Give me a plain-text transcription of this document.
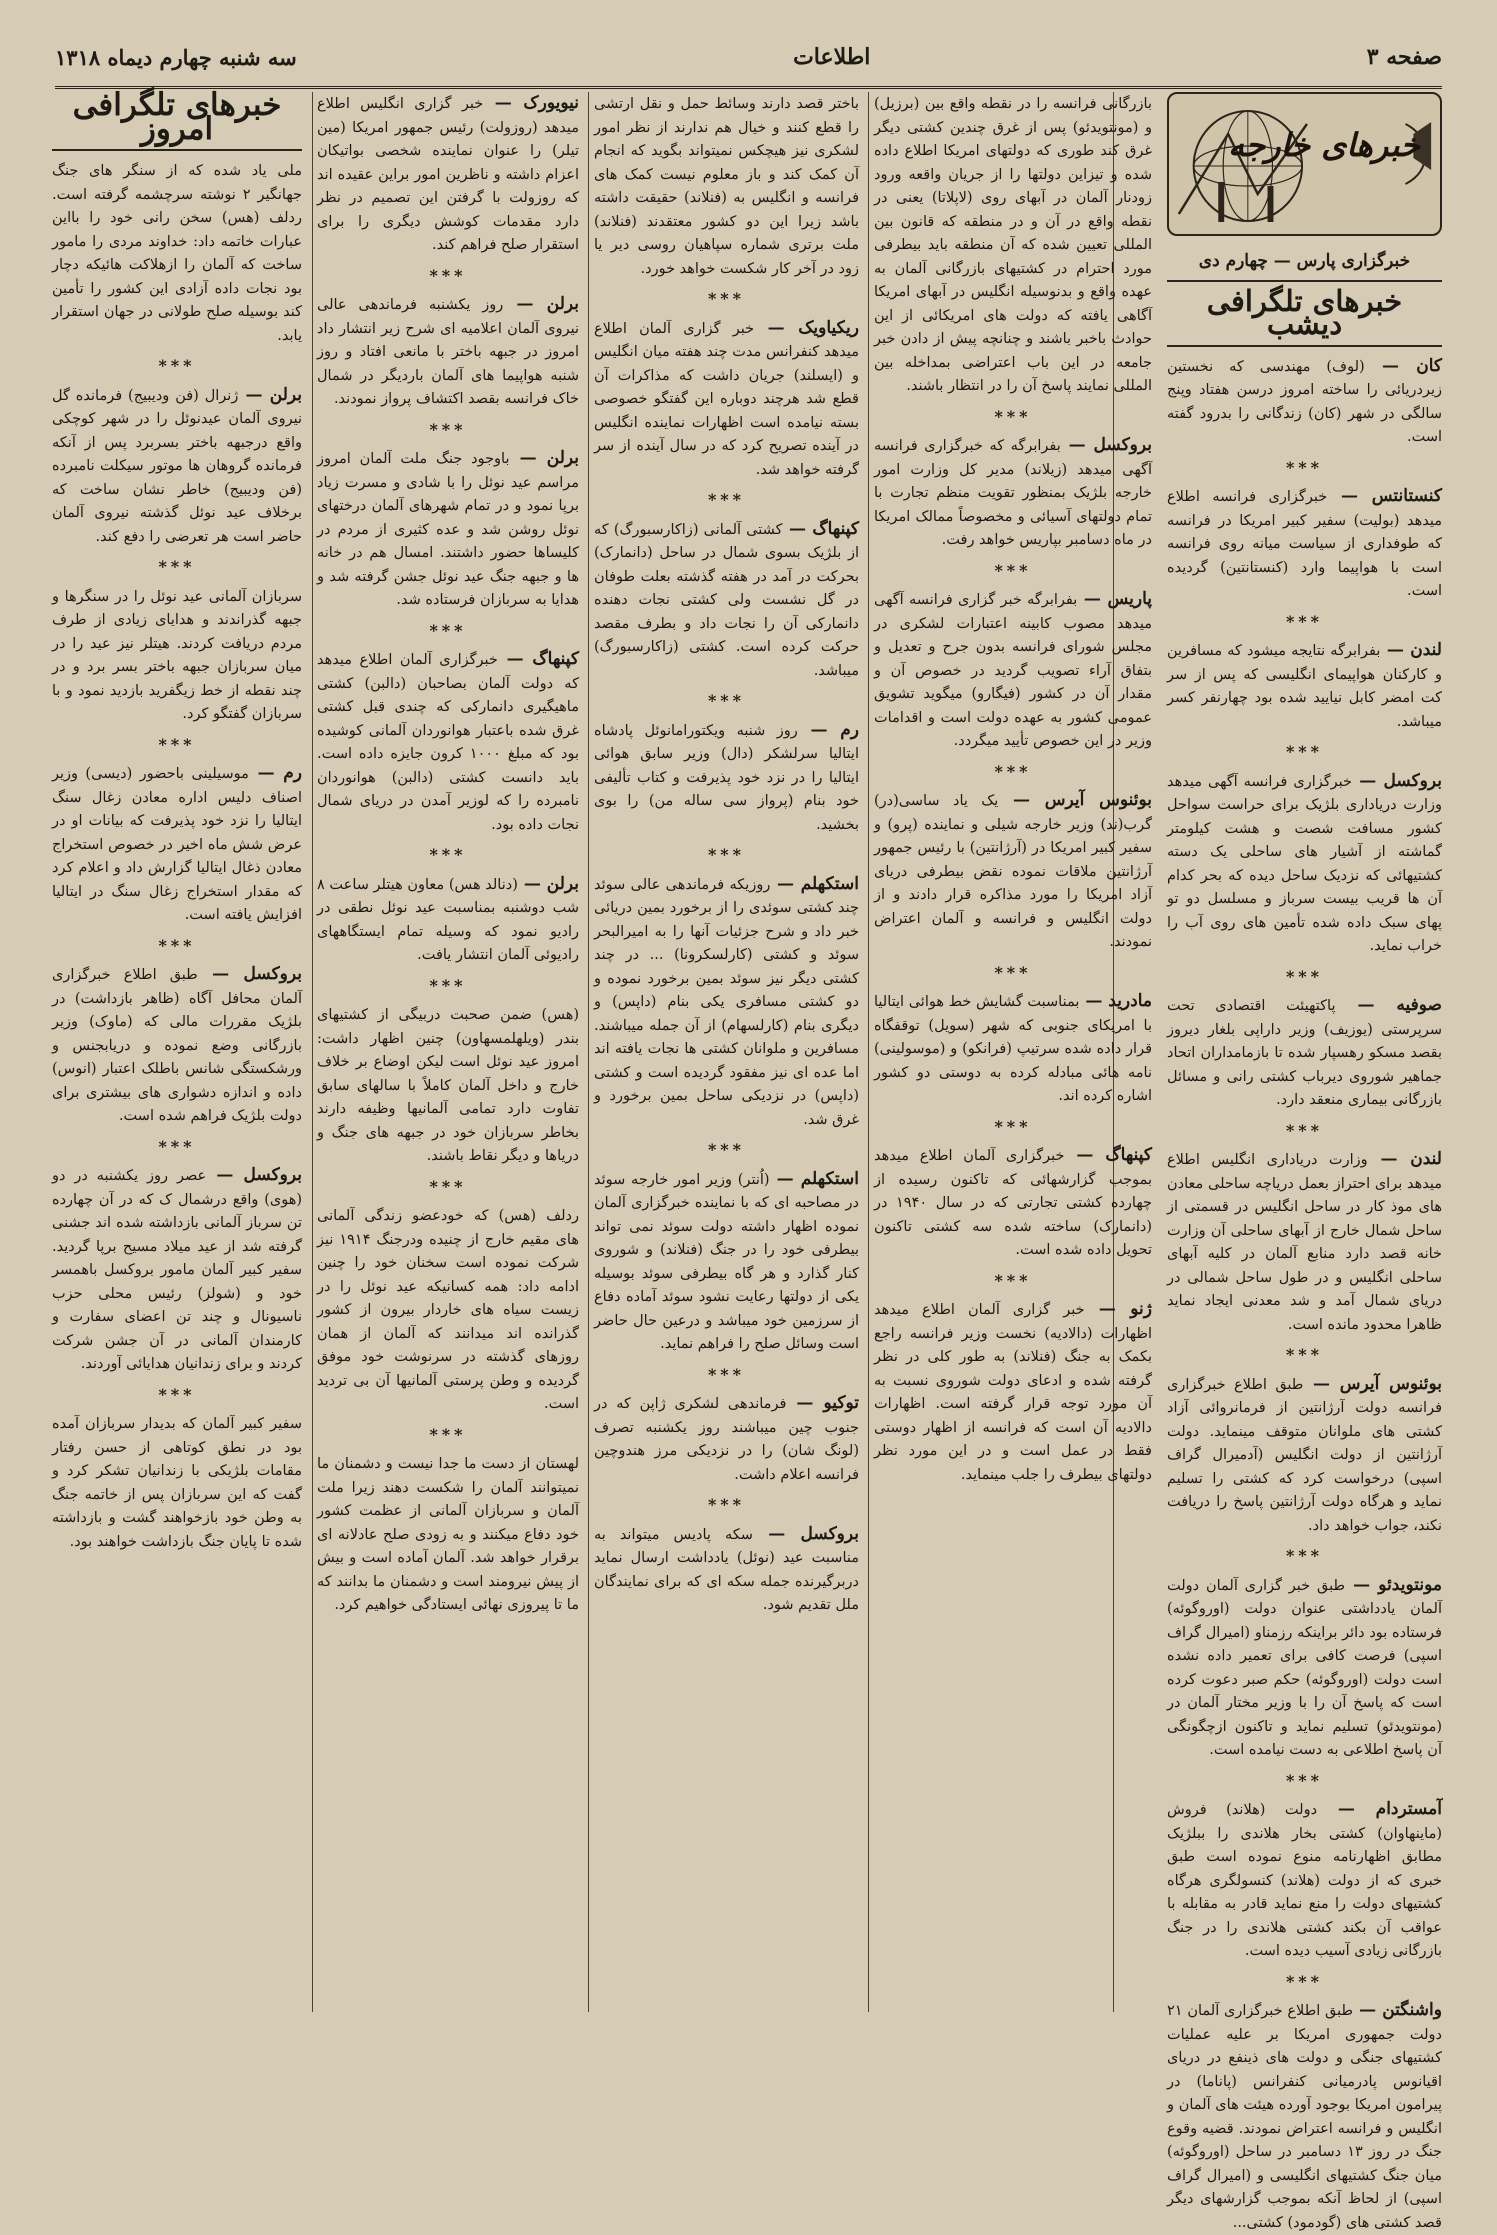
صفحه ۳
اطلاعات
سه شنبه چهارم دیماه ۱۳۱۸
خبرهای خارجه
خبرگزاری پارس — چهارم دی
خبرهای تلگرافی دیشب
کان — (لوف) مهندسی که نخستین زیردریائی را ساخته امروز درسن هفتاد وپنج سالگی در شهر (کان) زندگانی را بدرود گفته است.
***
کنستانتس — خبرگزاری فرانسه اطلاع میدهد (بولیت) سفیر کبیر امریکا در فرانسه که طوفداری از سیاست میانه روی فرانسه است با هواپیما وارد (کنستانتین) گردیده است.
***
لندن — بفرابرگه نتایجه میشود که مسافرین و کارکنان هواپیمای انگلیسی که پس از سر کت امضر کابل نیایید شده بود چهارنفر کسر میباشد.
***
بروکسل — خبرگزاری فرانسه آگهی میدهد وزارت دریاداری بلژیک برای حراست سواحل کشور مسافت شصت و هشت کیلومتر گماشته از آشیار های ساحلی یک دسته کشتیهائی که نزدیک ساحل دیده که بحر کدام آن ها قریب بیست سرباز و مسلسل دو تو پهای سبک داده شده تأمین های روی آب را خراب نماید.
***
صوفیه — پاکتهیئت اقتصادی تحت سرپرستی (یوزیف) وزیر داراپی بلغار دیروز بقصد مسکو رهسپار شده تا بازمامداران اتحاد جماهیر شوروی دیرباب کشتی رانی و مسائل بازرگانی بیماری منعقد دارد.
***
لندن — وزارت دریاداری انگلیس اطلاع میدهد برای احتراز بعمل دریاچه ساحلی معادن های موذ کار در ساحل انگلیس در قسمتی از ساحل شمال خارج از آبهای ساحلی آن وزارت خانه قصد دارد منابع آلمان در کلیه آبهای ساحلی انگلیس و در طول ساحل شمالی در دریای شمال آمد و شد معدنی ایجاد نماید ظاهرا محدود مانده است.
***
بوئنوس آیرس — طبق اطلاع خبرگزاری فرانسه دولت آرژانتین از فرمانروائی آزاد کشتی های ملوانان متوقف مینماید. دولت آرژانتین از دولت انگلیس (آدمیرال گراف اسپی) درخواست کرد که کشتی را تسلیم نماید و هرگاه دولت آرژانتین پاسخ را دریافت نکند، جواب خواهد داد.
***
مونتویدئو — طبق خبر گزاری آلمان دولت آلمان یادداشتی عنوان دولت (اوروگوئه) فرستاده بود دائر براینکه رزمناو (امیرال گراف اسپی) فرصت کافی برای تعمیر داده نشده است دولت (اوروگوئه) حکم صبر دعوت کرده است که پاسخ آن را با وزیر مختار آلمان در (مونتویدئو) تسلیم نماید و تاکنون ازچگونگی آن پاسخ اطلاعی به دست نیامده است.
***
آمستردام — دولت (هلاند) فروش (ماینهاوان) کشتی بخار هلاندی را ببلژیک مطابق اظهارنامه منوع نموده است طبق خبری که از دولت (هلاند) کنسولگری هرگاه کشتیهای دولت را منع نماید قادر به مقابله با عواقب آن بکند کشتی هلاندی را در جنگ بازرگانی زیادی آسیب دیده است.
***
واشنگتن — طبق اطلاع خبرگزاری آلمان ۲۱ دولت جمهوری امریکا بر علیه عملیات کشتیهای جنگی و دولت های ذینفع در دریای اقیانوس پادرمیانی کنفرانس (پاناما) در پیرامون امریکا بوجود آورده هیئت های آلمان و انگلیس و فرانسه اعتراض نمودند. قضیه وقوع جنگ در روز ۱۳ دسامبر در ساحل (اوروگوئه) میان جنگ کشتیهای انگلیسی و (امیرال گراف اسپی) از لحاظ آنکه بموجب گزارشهای دیگر قصد کشتی های (گودمود) کشتی...
بازرگانی فرانسه را در نقطه واقع بین (برزیل) و (مونتویدئو) پس از غرق چندین کشتی دیگر غرق کند طوری که دولتهای امریکا اطلاع داده شده و تیزاین دولتها را از جریان واقعه ورود زودنار آلمان در آبهای روی (لاپلاتا) یعنی در نقطه واقع در آن و در منطقه که قانون بین المللی تعیین شده که آن منطقه باید بیطرفی مورد احترام در کشتیهای بازرگانی آلمان به عهده واقع و بدنوسیله انگلیس در آبهای امریکا آگاهی یافته که دولت های امریکائی از این حوادث باخبر باشند و چنانچه پیش از دادن خبر جامعه در این باب اعتراضی بمداخله بین المللی نمایند پاسخ آن را در انتظار باشند.
***
بروکسل — بفرابرگه که خبرگزاری فرانسه آگهی میدهد (زیلاند) مدیر کل وزارت امور خارجه بلژیک بمنظور تقویت منظم تجارت با تمام دولتهای آسیائی و مخصوصاً ممالک امریکا در ماه دسامبر بپاریس خواهد رفت.
***
پاریس — بفرابرگه خبر گزاری فرانسه آگهی میدهد مصوب کابینه اعتبارات لشکری در مجلس شورای فرانسه بدون جرح و تعدیل و بتفاق آراء تصویب گردید در خصوص آن و مقدار آن در کشور (فیگارو) میگوید تشویق عمومی کشور به عهده دولت است و اقدامات وزیر در این خصوص تأیید میگردد.
***
بوئنوس آیرس — یک یاد ساسی(در) گرب(ند) وزیر خارجه شیلی و نماینده (پرو) و سفیر کبیر امریکا در (آرژانتین) با رئیس جمهور آرژانتین ملاقات نموده نقض بیطرفی دریای آزاد امریکا را مورد مذاکره قرار دادند و از دولت انگلیس و فرانسه و آلمان اعتراض نمودند.
***
مادرید — بمناسبت گشایش خط هوائی ایتالیا با امریکای جنوبی که شهر (سویل) توقفگاه قرار داده شده سرتیپ (فرانکو) و (موسولینی) نامه هائی مبادله کرده به دوستی دو کشور اشاره کرده اند.
***
کپنهاگ — خبرگزاری آلمان اطلاع میدهد بموجب گزارشهائی که تاکنون رسیده از چهارده کشتی تجارتی که در سال ۱۹۴۰ در (دانمارک) ساخته شده سه کشتی تاکنون تحویل داده شده است.
***
ژنو — خبر گزاری آلمان اطلاع میدهد اظهارات (دالادیه) نخست وزیر فرانسه راجع بکمک به جنگ (فنلاند) به طور کلی در نظر گرفته شده و ادعای دولت شوروی نسبت به آن مورد توجه قرار گرفته است. اظهارات دالادیه آن است که فرانسه از اظهار دوستی فقط در عمل است و در این مورد نظر دولتهای بیطرف را جلب مینماید.
باختر قصد دارند وسائط حمل و نقل ارتشی را قطع کنند و خیال هم ندارند از نظر امور لشکری نیز هیچکس نمیتواند بگوید که انجام آن کمک کند و باز معلوم نیست کمک های فرانسه و انگلیس به (فنلاند) حقیقت داشته باشد زیرا این دو کشور معتقدند (فنلاند) ملت برتری شماره سپاهیان روسی دیر یا زود در آخر کار شکست خواهد خورد.
***
ریکیاویک — خبر گزاری آلمان اطلاع میدهد کنفرانس مدت چند هفته میان انگلیس و (ایسلند) جریان داشت که مذاکرات آن قطع شد هرچند دوباره این گفتگو خصوصی بسته نیامده است اظهارات نماینده انگلیس در آینده تصریح کرد که در سال آینده از سر گرفته خواهد شد.
***
کپنهاگ — کشتی آلمانی (زاکارسبورگ) که از بلژیک بسوی شمال در ساحل (دانمارک) بحرکت در آمد در هفته گذشته بعلت طوفان در گل نشست ولی کشتی نجات دهنده دانمارکی آن را نجات داد و بطرف مقصد حرکت کرده است. کشتی (زاکارسبورگ) میباشد.
***
رم — روز شنبه ویکتورامانوئل پادشاه ایتالیا سرلشکر (دال) وزیر سابق هوائی ایتالیا را در نزد خود پذیرفت و کتاب تألیفی خود بنام (پرواز سی ساله من) را بوی بخشید.
***
استکهلم — روزیکه فرماندهی عالی سوئد چند کشتی سوئدی را از برخورد بمین دریائی خبر داد و شرح جزئیات آنها را به امیرالبحر سوئد و کشتی (کارلسکرونا) ... در چند کشتی دیگر نیز سوئد بمین برخورد نموده و دو کشتی مسافری یکی بنام (داپس) و دیگری بنام (کارلسهام) از آن جمله میباشند. مسافرین و ملوانان کشتی ها نجات یافته اند اما عده ای نیز مفقود گردیده است و کشتی (داپس) در نزدیکی ساحل بمین برخورد و غرق شد.
***
استکهلم — (اُنتر) وزیر امور خارجه سوئد در مصاحبه ای که با نماینده خبرگزاری آلمان نموده اظهار داشته دولت سوئد نمی تواند بیطرفی خود را در جنگ (فنلاند) و شوروی کنار گذارد و هر گاه بیطرفی سوئد بوسیله یکی از دولتها رعایت نشود سوئد آماده دفاع از سرزمین خود میباشد و درعین حال حاضر است وسائل صلح را فراهم نماید.
***
توکیو — فرماندهی لشکری ژاپن که در جنوب چین میباشند روز یکشنبه تصرف (لونگ شان) را در نزدیکی مرز هندوچین فرانسه اعلام داشت.
***
بروکسل — سکه پادیس میتواند به مناسبت عید (نوئل) یادداشت ارسال نماید دربرگیرنده جمله سکه ای که برای نمایندگان ملل تقدیم شود.
نیویورک — خبر گزاری انگلیس اطلاع میدهد (روزولت) رئیس جمهور امریکا (مین تیلر) را عنوان نماینده شخصی بواتیکان اعزام داشته و ناظرین امور براین عقیده اند که روزولت با گرفتن این تصمیم در نظر دارد مقدمات کوشش دیگری را برای استقرار صلح فراهم کند.
***
برلن — روز یکشنبه فرماندهی عالی نیروی آلمان اعلامیه ای شرح زیر انتشار داد امروز در جبهه باختر با مانعی افتاد و روز شنبه هواپیما های آلمان باردیگر در شمال خاک فرانسه بقصد اکتشاف پرواز نمودند.
***
برلن — باوجود جنگ ملت آلمان امروز مراسم عید نوئل را با شادی و مسرت زیاد برپا نمود و در تمام شهرهای آلمان درختهای نوئل روشن شد و عده کثیری از مردم در کلیساها حضور داشتند. امسال هم در خانه ها و جبهه جنگ عید نوئل جشن گرفته شد و هدایا به سربازان فرستاده شد.
***
کپنهاگ — خبرگزاری آلمان اطلاع میدهد که دولت آلمان بصاحبان (دالبن) کشتی ماهیگیری دانمارکی که چندی قبل کشتی غرق شده باعتبار هوانوردان آلمانی کوشیده بود که مبلغ ۱۰۰۰ کرون جایزه داده است. باید دانست کشتی (دالبن) هوانوردان نامبرده را که لوزیر آمدن در دریای شمال نجات داده بود.
***
برلن — (دنالد هس) معاون هیتلر ساعت ۸ شب دوشنبه بمناسبت عید نوئل نطقی در رادیو نمود که وسیله تمام ایستگاههای رادیوئی آلمان انتشار یافت.
***
(هس) ضمن صحبت دربیگی از کشتیهای بندر (ویلهلمسهاون) چنین اظهار داشت: امروز عید نوئل است لیکن اوضاع بر خلاف خارج و داخل آلمان کاملاً با سالهای سابق تفاوت دارد تمامی آلمانیها وظیفه دارند بخاطر سربازان خود در جبهه های جنگ و دریاها و دیگر نقاط باشند.
***
ردلف (هس) که خودعضو زندگی آلمانی های مقیم خارج از چنیده ودرجنگ ۱۹۱۴ نیز شرکت نموده است سخنان خود را چنین ادامه داد: همه کسانیکه عید نوئل را در زیست سیاه های خاردار بیرون از کشور گذرانده اند میدانند که آلمان از همان روزهای گذشته در سرنوشت خود موفق گردیده و وطن پرستی آلمانیها آن بی تردید است.
***
لهستان از دست ما جدا نیست و دشمنان ما نمیتوانند آلمان را شکست دهند زیرا ملت آلمان و سربازان آلمانی از عظمت کشور خود دفاع میکنند و به زودی صلح عادلانه ای برقرار خواهد شد. آلمان آماده است و بیش از پیش نیرومند است و دشمنان ما بدانند که ما تا پیروزی نهائی ایستادگی خواهیم کرد.
خبرهای تلگرافی امروز
ملی یاد شده که از سنگر های جنگ جهانگیر ۲ نوشته سرچشمه گرفته است. ردلف (هس) سخن رانی خود را بااین عبارات خاتمه داد: خداوند مردی را مامور ساخت که آلمان را ازهلاکت هائیکه دچار بود نجات داده آزادی این کشور را تأمین کند بوسیله صلح طولانی در جهان استقرار یابد.
***
برلن — ژنرال (فن ودیبیج) فرمانده گل نیروی آلمان عیدنوئل را در شهر کوچکی واقع درجبهه باختر بسربرد پس از آنکه فرمانده گروهان ها موتور سیکلت نامبرده (فن ودیبیج) خاطر نشان ساخت که برخلاف عید نوئل گذشته نیروی آلمان حاضر است هر تعرضی را دفع کند.
***
سربازان آلمانی عید نوئل را در سنگرها و جبهه گذراندند و هدایای زیادی از طرف مردم دریافت کردند. هیتلر نیز عید را در میان سربازان جبهه باختر بسر برد و در چند نقطه از خط زیگفرید بازدید نمود و با سربازان گفتگو کرد.
***
رم — موسیلینی باحضور (دیسی) وزیر اصناف دلیس اداره معادن زغال سنگ ایتالیا را نزد خود پذیرفت که بیانات او در عرض شش ماه اخیر در خصوص استخراج معادن ذغال ایتالیا گزارش داد و اعلام کرد که مقدار استخراج زغال سنگ در ایتالیا افزایش یافته است.
***
بروکسل — طبق اطلاع خبرگزاری آلمان محافل آگاه (ظاهر بازداشت) در بلژیک مقررات مالی که (ماوک) وزیر بازرگانی وضع نموده و دریابجنس و ورشکستگی شانس باطلک اعتبار (انوس) داده و اندازه دشواری های بیشتری برای دولت بلژیک فراهم شده است.
***
بروکسل — عصر روز یکشنبه در دو (هوی) واقع درشمال ک که در آن چهارده تن سرباز آلمانی بازداشته شده اند جشنی گرفته شد از عید میلاد مسیح برپا گردید. سفیر کبیر آلمان مامور بروکسل باهمسر خود و (شولز) رئیس محلی حزب ناسیونال و چند تن اعضای سفارت و کارمندان آلمانی در آن جشن شرکت کردند و برای زندانیان هدایائی آوردند.
***
سفیر کبیر آلمان که بدیدار سربازان آمده بود در نطق کوتاهی از حسن رفتار مقامات بلژیکی با زندانیان تشکر کرد و گفت که این سربازان پس از خاتمه جنگ به وطن خود بازخواهند گشت و بازداشته شده تا پایان جنگ بازداشت خواهند بود.
